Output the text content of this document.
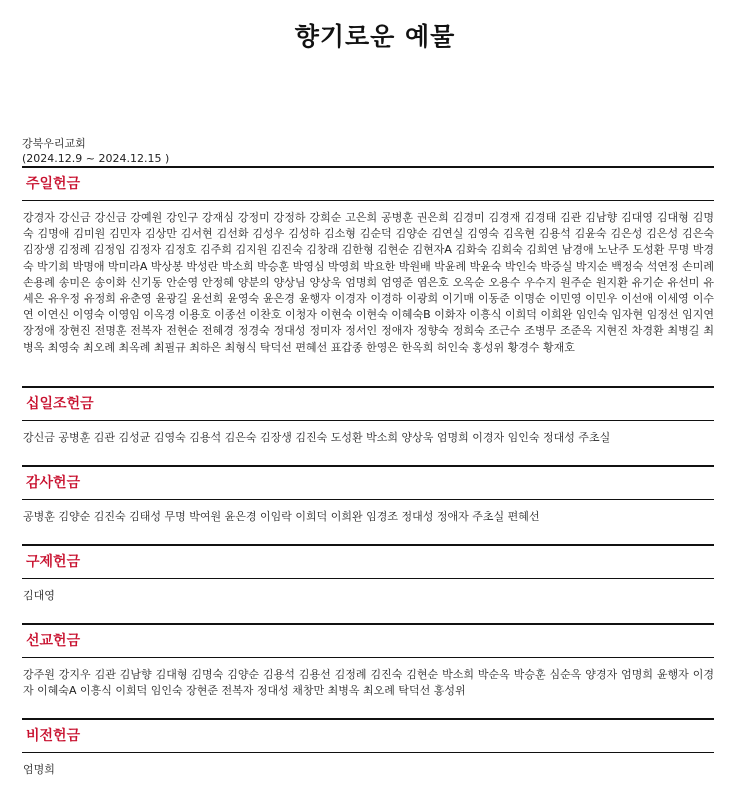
향기로운 예물
강북우리교회
(2024.12.9 ~ 2024.12.15 )
주일헌금
강경자 강신금 강신금 강예원 강인구 강재심 강정미 강정하 강희순 고은희 공병훈 권은희 김경미 김경재 김경태 김관 김남향 김대영 김대형 김명숙 김명애 김미원 김민자 김상만 김서현 김선화 김성우 김성하 김소형 김순덕 김양순 김연실 김영숙 김옥현 김용석 김윤숙 김은성 김은성 김은숙 김장생 김정례 김정임 김정자 김정호 김주희 김지원 김진숙 김창래 김한형 김현순 김현자A 김화숙 김희숙 김희연 남경애 노난주 도성환 무명 박경숙 박기희 박명애 박미라A 박상봉 박성란 박소희 박승훈 박영심 박영희 박요한 박원배 박윤례 박윤숙 박인숙 박증실 박지순 백정숙 석연정 손미례 손용례 송미은 송이화 신기동 안순영 안정혜 양분의 양상님 양상욱 엄명희 엄영준 염은호 오옥순 오용수 우수지 원주순 원지환 유기순 유선미 유세은 유우정 유정희 유춘영 윤광길 윤선희 윤영숙 윤은경 윤행자 이경자 이경하 이광희 이기매 이동준 이명순 이민영 이민우 이선애 이세영 이수연 이연신 이영숙 이영임 이옥경 이용호 이종선 이찬호 이청자 이현숙 이현숙 이혜숙B 이화자 이흥식 이희덕 이희완 임인숙 임자현 임정선 임지연 장정애 장현진 전명훈 전복자 전현순 전혜경 정경숙 정대성 정미자 정서인 정애자 정향숙 정희숙 조근수 조병무 조준옥 지현진 차경환 최병길 최병옥 최영숙 최오례 최옥례 최필규 최하은 최형식 탁덕선 편혜선 표갑종 한영은 한옥희 허인숙 홍성위 황경수 황재호
십일조헌금
강신금 공병훈 김관 김성균 김영숙 김용석 김은숙 김장생 김진숙 도성환 박소희 양상욱 엄명희 이경자 임인숙 정대성 주초실
감사헌금
공병훈 김양순 김진숙 김태성 무명 박여원 윤은경 이임락 이희덕 이희완 임경조 정대성 정애자 주초실 편혜선
구제헌금
김대영
선교헌금
강주원 강지우 김관 김남향 김대형 김명숙 김양순 김용석 김용선 김정례 김진숙 김현순 박소희 박순옥 박승훈 심순옥 양경자 엄명희 윤행자 이경자 이혜숙A 이흥식 이희덕 임인숙 장현준 전복자 정대성 채창만 최병옥 최오례 탁덕선 홍성위
비전헌금
엄명희
